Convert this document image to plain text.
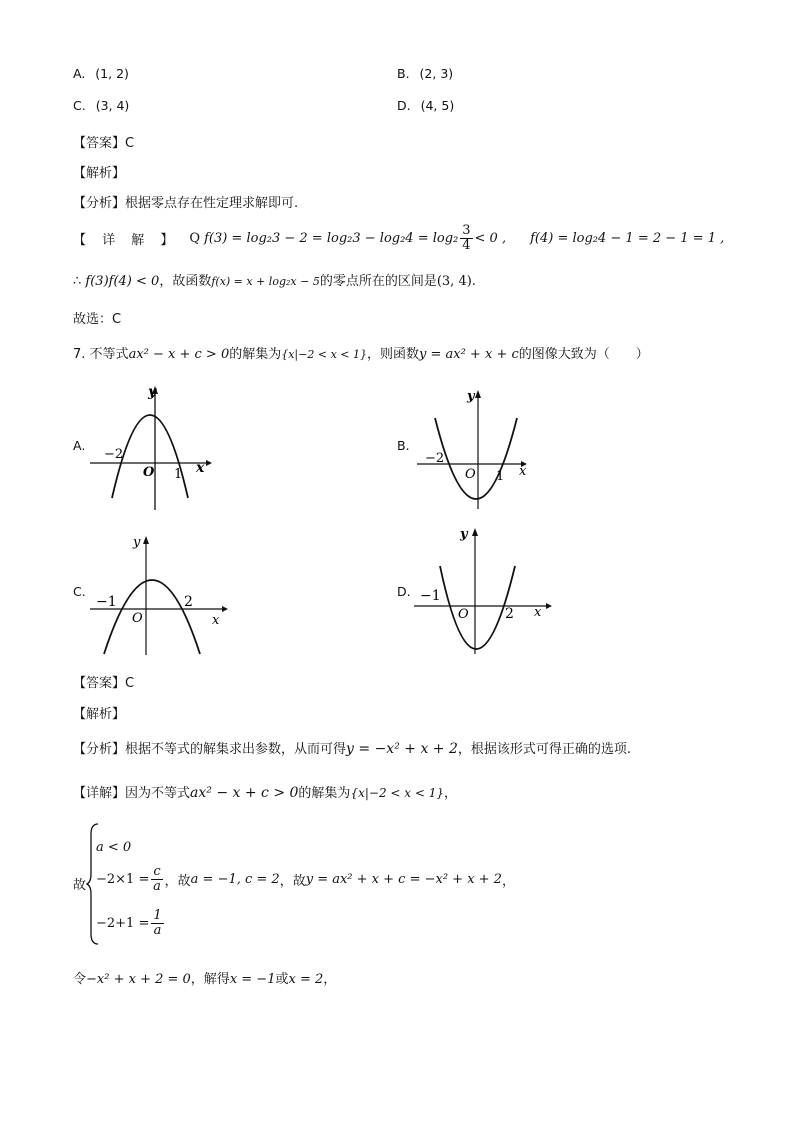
A. (1, 2)	B. (2, 3)
C. (3, 4)	D. (4, 5)
【答案】C
【解析】
【分析】根据零点存在性定理求解即可.
【 详 解 】 Q $f(3) = \log_23 - 2 = \log_23 - \log_24 = \log_2 \frac{3}{4} < 0$ , f(4) = log₂4 − 1 = 2 − 1 = 1 ,
∴ f(3)f(4) < 0，故函数f(x) = x + log₂x − 5的零点所在的区间是(3, 4).
故选：C
7. 不等式ax² − x + c > 0的解集为{x|−2 < x < 1}，则函数y = ax² + x + c的图像大致为（　　）
A.
y
x
O
−2
1
B.
y
x
O
−2
1
C.
y
x
O
−1	2
D.
y
x
O
−1
2
【答案】C
【解析】
【分析】根据不等式的解集求出参数，从而可得y = −x² + x + 2，根据该形式可得正确的选项.
【详解】因为不等式ax² − x + c > 0的解集为{x|−2 < x < 1}，
故
a < 0
$-2\times 1 = \frac{c}{a}$ ，故 a = −1, c = 2 ，故 y = ax² + x + c = −x² + x + 2 ，
$-2+1 = \frac{1}{a}$
令−x² + x + 2 = 0，解得x = −1或x = 2，
